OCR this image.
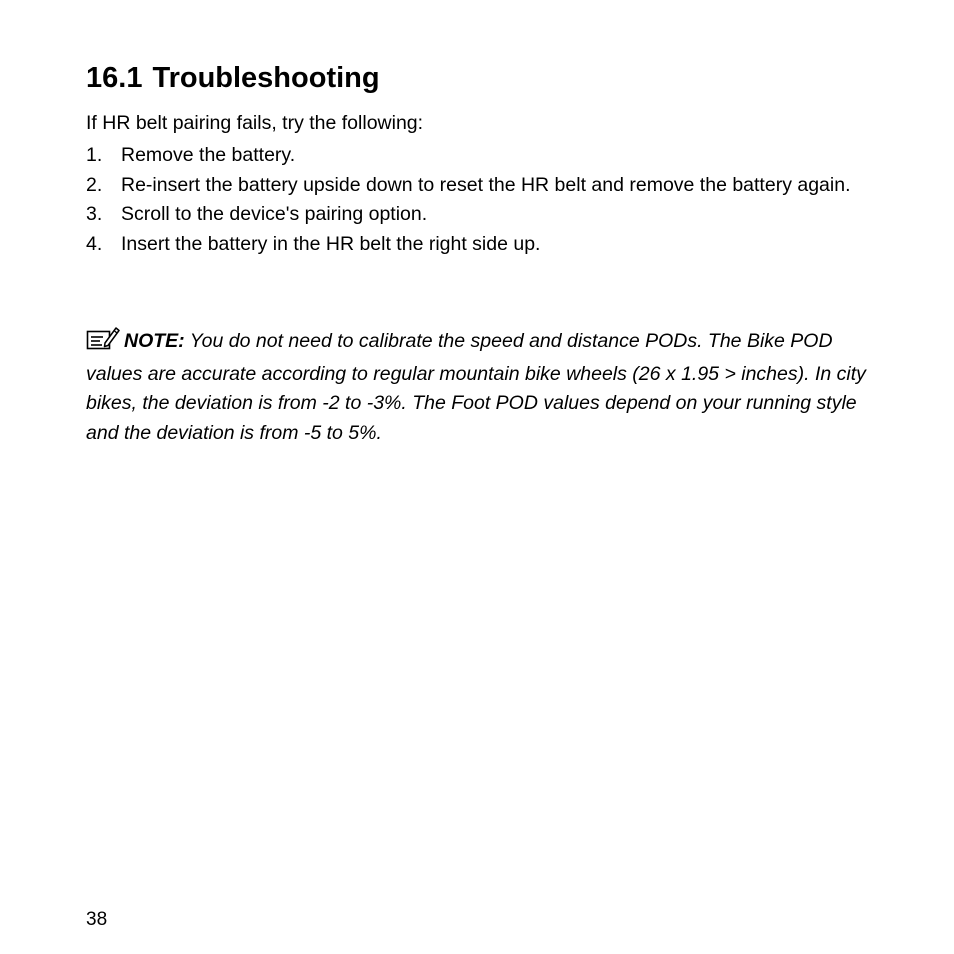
16.1 Troubleshooting

If HR belt pairing fails, try the following:

1. Remove the battery.
2. Re-insert the battery upside down to reset the HR belt and remove the battery again.
3. Scroll to the device's pairing option.
4. Insert the battery in the HR belt the right side up.

NOTE: You do not need to calibrate the speed and distance PODs. The Bike POD values are accurate according to regular mountain bike wheels (26 x 1.95 > inches). In city bikes, the deviation is from -2 to -3%. The Foot POD values depend on your running style and the deviation is from -5 to 5%.

38
